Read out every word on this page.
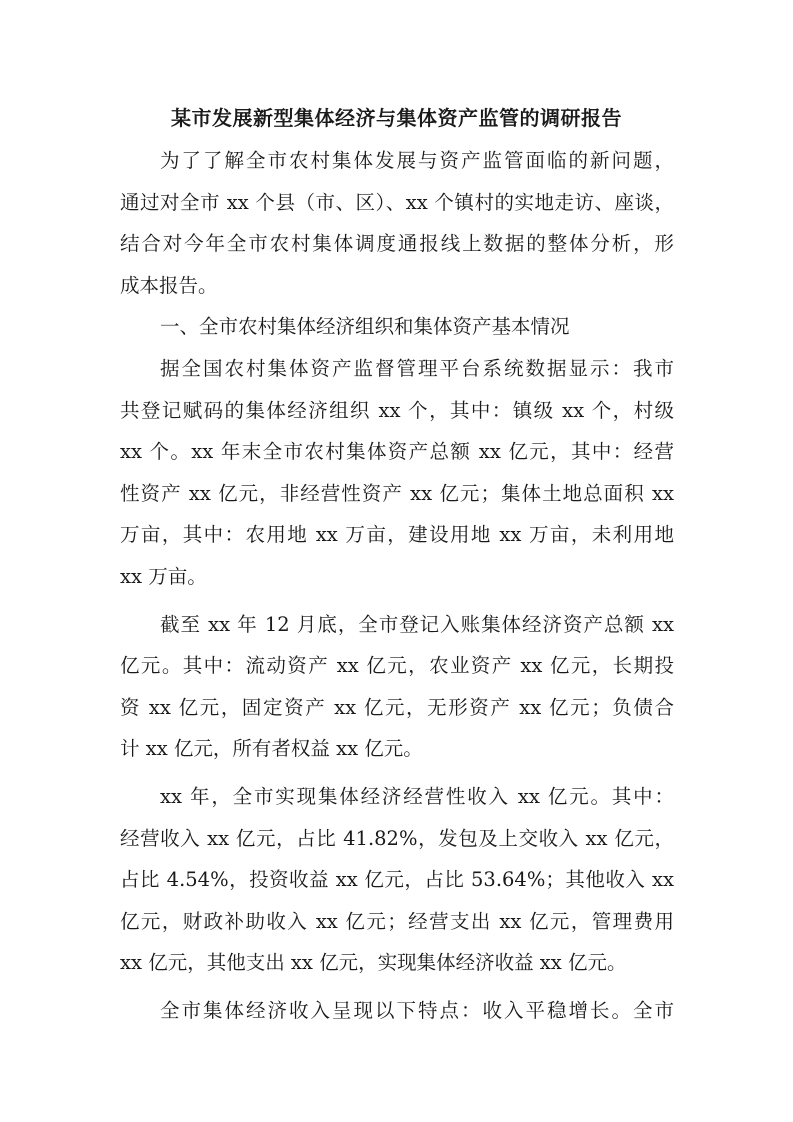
某市发展新型集体经济与集体资产监管的调研报告
为了了解全市农村集体发展与资产监管面临的新问题，
通过对全市 xx 个县（市、区）、xx 个镇村的实地走访、座谈，
结合对今年全市农村集体调度通报线上数据的整体分析，形
成本报告。
一、全市农村集体经济组织和集体资产基本情况
据全国农村集体资产监督管理平台系统数据显示：我市
共登记赋码的集体经济组织 xx 个，其中：镇级 xx 个，村级
xx 个。xx 年末全市农村集体资产总额 xx 亿元，其中：经营
性资产 xx 亿元，非经营性资产 xx 亿元；集体土地总面积 xx
万亩，其中：农用地 xx 万亩，建设用地 xx 万亩，未利用地
xx 万亩。
截至 xx 年 12 月底，全市登记入账集体经济资产总额 xx
亿元。其中：流动资产 xx 亿元，农业资产 xx 亿元，长期投
资 xx 亿元，固定资产 xx 亿元，无形资产 xx 亿元；负债合
计 xx 亿元，所有者权益 xx 亿元。
xx 年，全市实现集体经济经营性收入 xx 亿元。其中：
经营收入 xx 亿元，占比 41.82%，发包及上交收入 xx 亿元，
占比 4.54%，投资收益 xx 亿元，占比 53.64%；其他收入 xx
亿元，财政补助收入 xx 亿元；经营支出 xx 亿元，管理费用
xx 亿元，其他支出 xx 亿元，实现集体经济收益 xx 亿元。
全市集体经济收入呈现以下特点：收入平稳增长。全市
